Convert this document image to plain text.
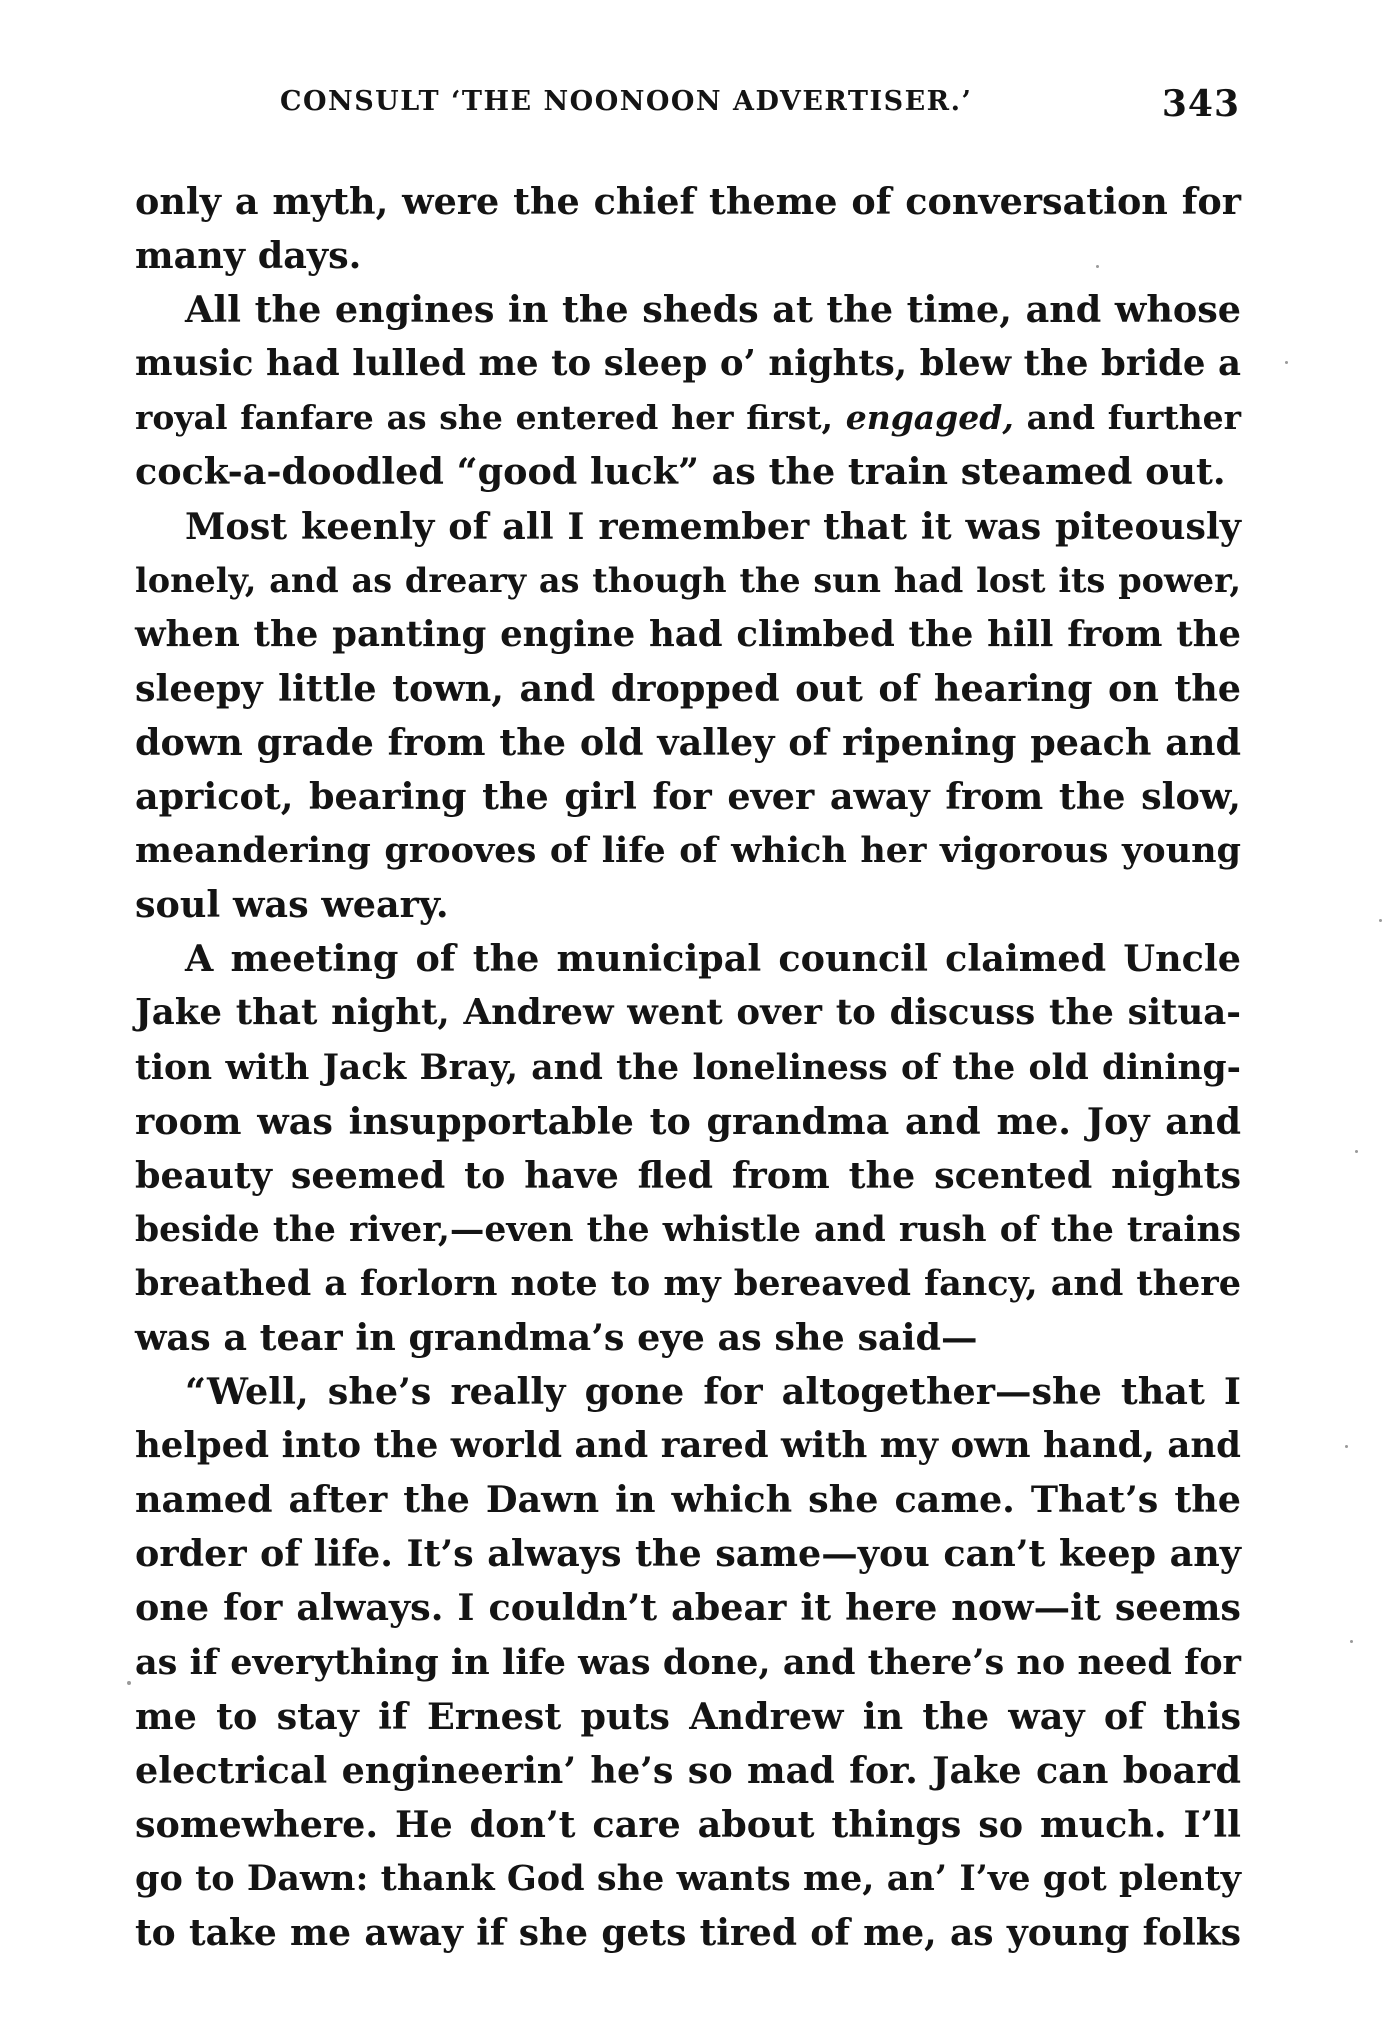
CONSULT ‘THE NOONOON ADVERTISER.’	343
only a myth, were the chief theme of conversation for
many days.
All the engines in the sheds at the time, and whose
music had lulled me to sleep o’ nights, blew the bride a
royal fanfare as she entered her first, engaged, and further
cock-a-doodled “good luck” as the train steamed out.
Most keenly of all I remember that it was piteously
lonely, and as dreary as though the sun had lost its power,
when the panting engine had climbed the hill from the
sleepy little town, and dropped out of hearing on the
down grade from the old valley of ripening peach and
apricot, bearing the girl for ever away from the slow,
meandering grooves of life of which her vigorous young
soul was weary.
A meeting of the municipal council claimed Uncle
Jake that night, Andrew went over to discuss the situa-
tion with Jack Bray, and the loneliness of the old dining-
room was insupportable to grandma and me. Joy and
beauty seemed to have fled from the scented nights
beside the river,—even the whistle and rush of the trains
breathed a forlorn note to my bereaved fancy, and there
was a tear in grandma’s eye as she said—
“Well, she’s really gone for altogether—she that I
helped into the world and rared with my own hand, and
named after the Dawn in which she came. That’s the
order of life. It’s always the same—you can’t keep any
one for always. I couldn’t abear it here now—it seems
as if everything in life was done, and there’s no need for
me to stay if Ernest puts Andrew in the way of this
electrical engineerin’ he’s so mad for. Jake can board
somewhere. He don’t care about things so much. I’ll
go to Dawn: thank God she wants me, an’ I’ve got plenty
to take me away if she gets tired of me, as young folks
